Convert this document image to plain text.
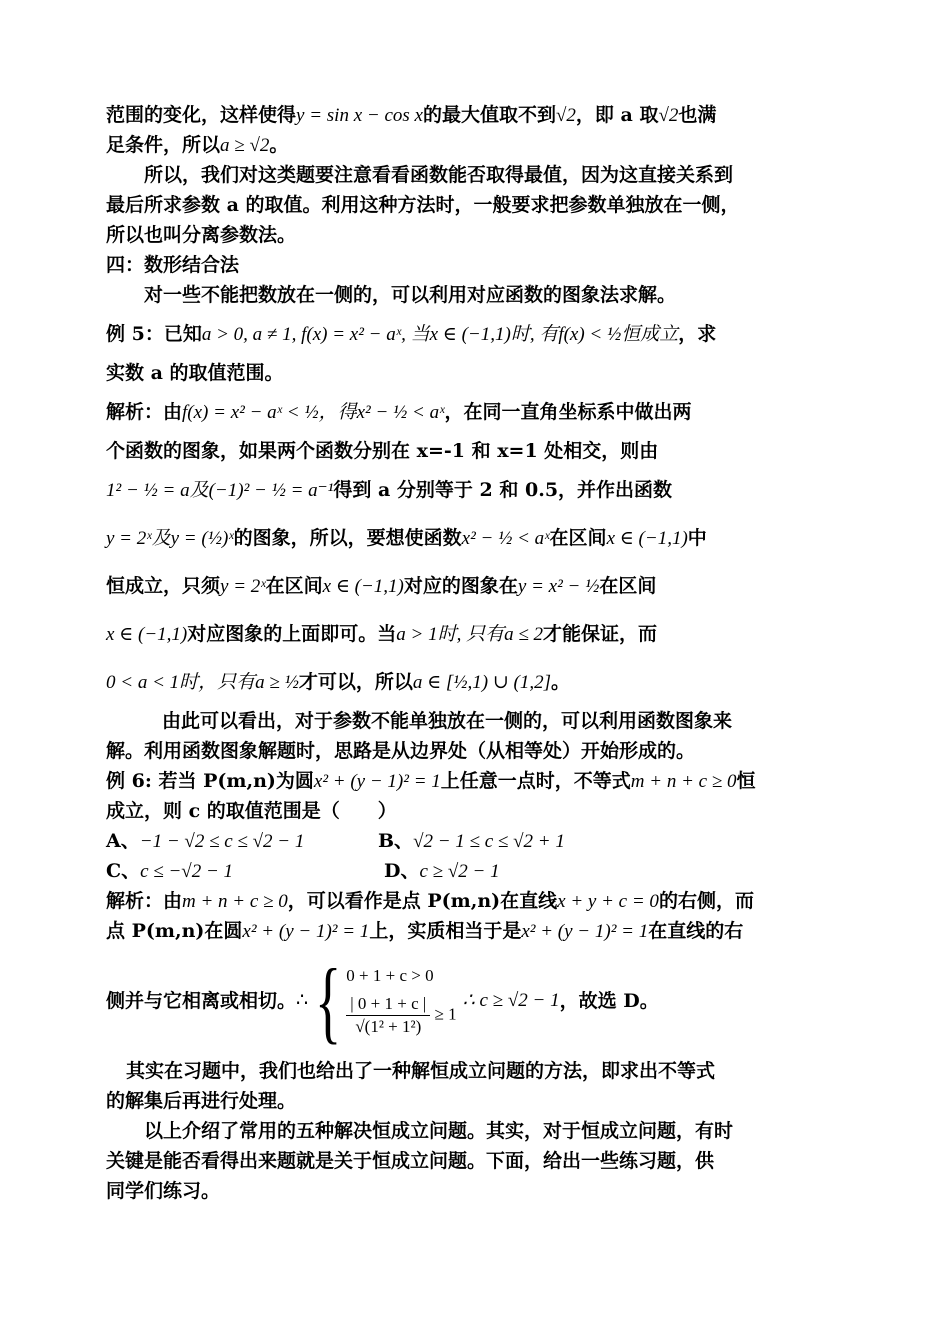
范围的变化，这样使得y = sin x − cos x的最大值取不到√2，即 a 取√2也满
足条件，所以a ≥ √2。
所以，我们对这类题要注意看看函数能否取得最值，因为这直接关系到
最后所求参数 a 的取值。利用这种方法时，一般要求把参数单独放在一侧，
所以也叫分离参数法。
四：数形结合法
对一些不能把数放在一侧的，可以利用对应函数的图象法求解。
例 5：已知a > 0, a ≠ 1, f(x) = x² − aˣ, 当x ∈ (−1,1)时, 有f(x) < ½恒成立，求
实数 a 的取值范围。
解析：由f(x) = x² − aˣ < ½，得x² − ½ < aˣ，在同一直角坐标系中做出两
个函数的图象，如果两个函数分别在 x=-1 和 x=1 处相交，则由
1² − ½ = a及(−1)² − ½ = a⁻¹得到 a 分别等于 2 和 0.5，并作出函数
y = 2ˣ及y = (½)ˣ的图象，所以，要想使函数x² − ½ < aˣ在区间x ∈ (−1,1)中
恒成立，只须y = 2ˣ在区间x ∈ (−1,1)对应的图象在y = x² − ½在区间
x ∈ (−1,1)对应图象的上面即可。当a > 1时, 只有a ≤ 2才能保证，而
0 < a < 1时，只有a ≥ ½才可以，所以a ∈ [½,1) ∪ (1,2]。
由此可以看出，对于参数不能单独放在一侧的，可以利用函数图象来
解。利用函数图象解题时，思路是从边界处（从相等处）开始形成的。
例 6: 若当 P(m,n)为圆x² + (y − 1)² = 1上任意一点时，不等式m + n + c ≥ 0恒
成立，则 c 的取值范围是（　　）
A、−1 − √2 ≤ c ≤ √2 − 1	B、√2 − 1 ≤ c ≤ √2 + 1
C、c ≤ −√2 − 1	D、c ≥ √2 − 1
解析：由m + n + c ≥ 0，可以看作是点 P(m,n)在直线x + y + c = 0的右侧，而
点 P(m,n)在圆x² + (y − 1)² = 1上，实质相当于是x² + (y − 1)² = 1在直线的右
侧并与它相离或相切。 ∴ { 0 + 1 + c > 0
$\frac{| 0 + 1 + c |}{\text{√(1² + 1²)}} \ge 1$
∴ c ≥ √2 − 1 ，故选 D。
其实在习题中，我们也给出了一种解恒成立问题的方法，即求出不等式
的解集后再进行处理。
以上介绍了常用的五种解决恒成立问题。其实，对于恒成立问题，有时
关键是能否看得出来题就是关于恒成立问题。下面，给出一些练习题，供
同学们练习。
